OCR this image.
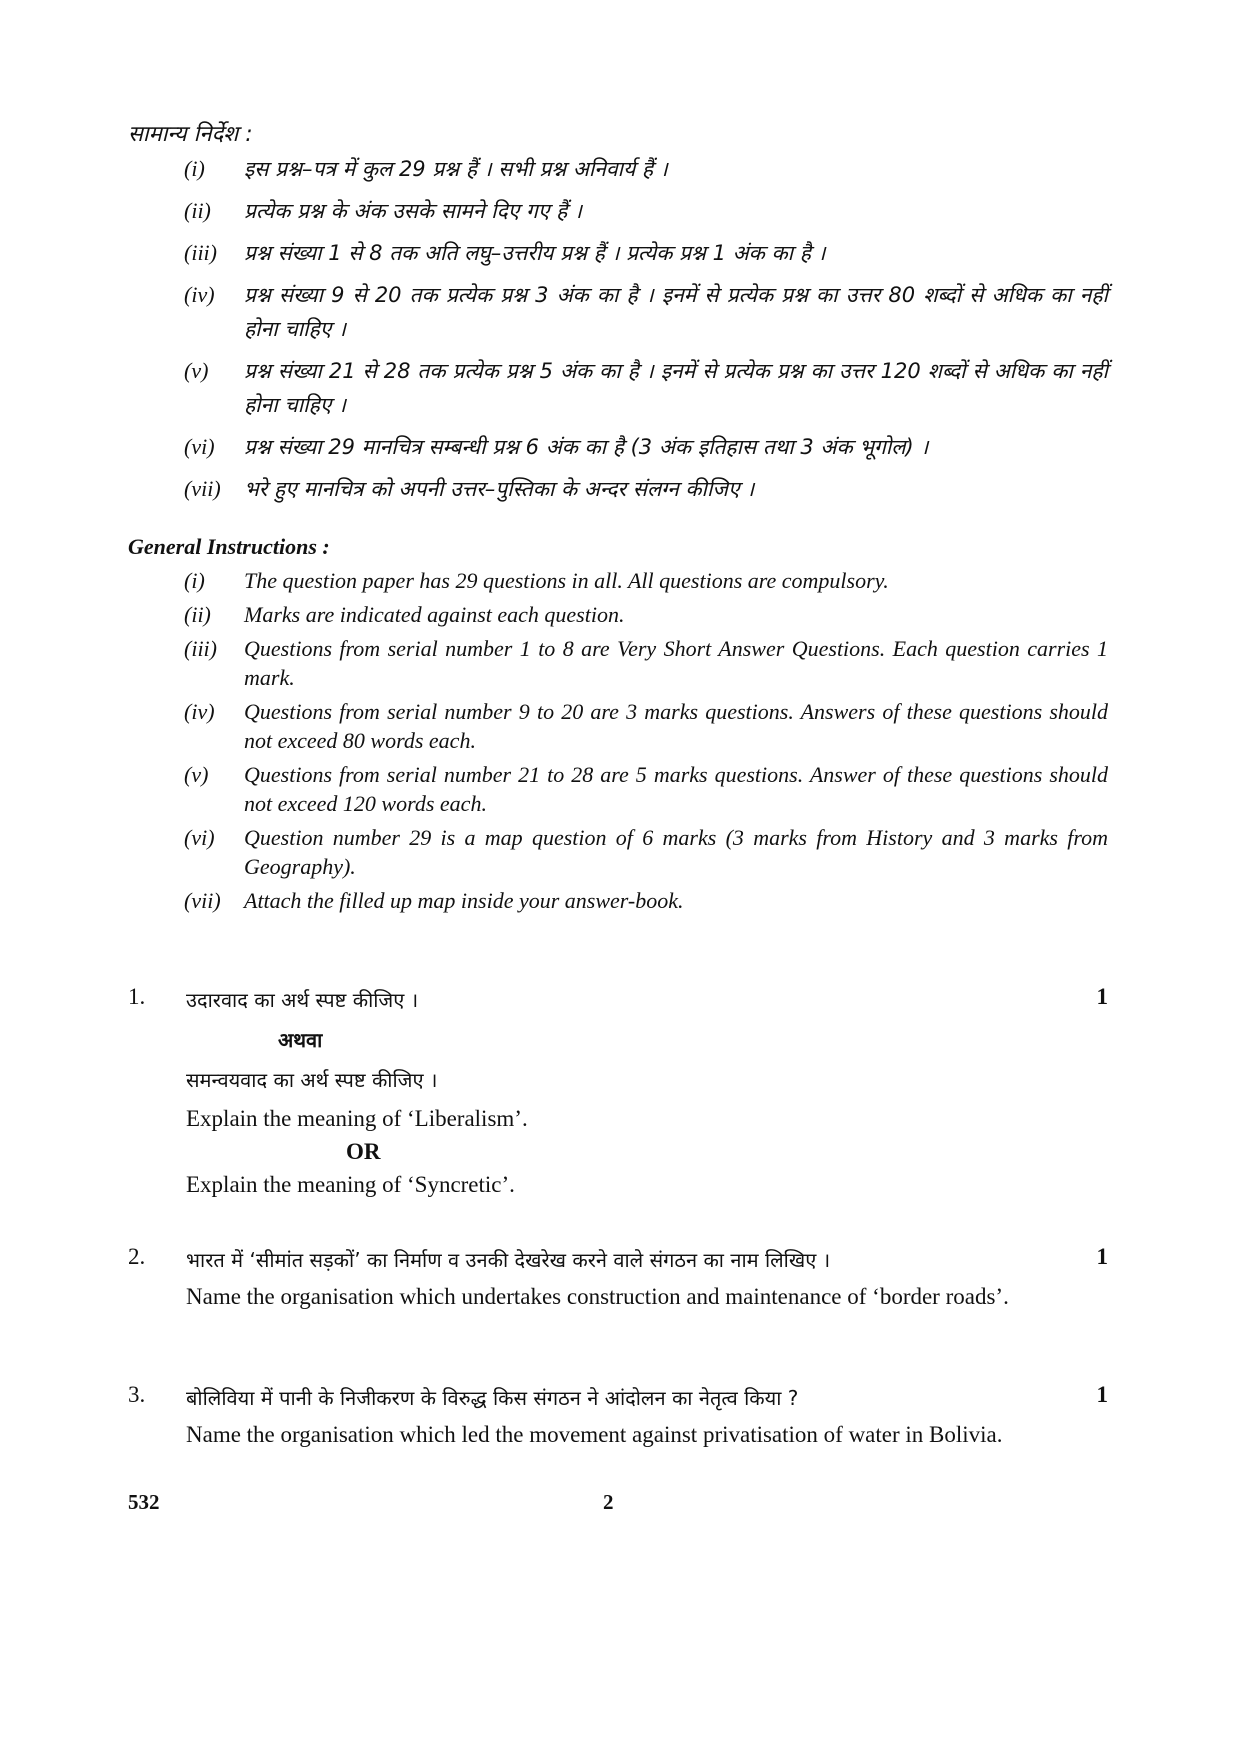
सामान्य निर्देश :
(i)	इस प्रश्न–पत्र में कुल 29 प्रश्न हैं । सभी प्रश्न अनिवार्य हैं ।
(ii)	प्रत्येक प्रश्न के अंक उसके सामने दिए गए हैं ।
(iii)	प्रश्न संख्या 1 से 8 तक अति लघु–उत्तरीय प्रश्न हैं । प्रत्येक प्रश्न 1 अंक का है ।
(iv)	प्रश्न संख्या 9 से 20 तक प्रत्येक प्रश्न 3 अंक का है । इनमें से प्रत्येक प्रश्न का उत्तर 80 शब्दों से अधिक का नहीं होना चाहिए ।
(v)	प्रश्न संख्या 21 से 28 तक प्रत्येक प्रश्न 5 अंक का है । इनमें से प्रत्येक प्रश्न का उत्तर 120 शब्दों से अधिक का नहीं होना चाहिए ।
(vi)	प्रश्न संख्या 29 मानचित्र सम्बन्धी प्रश्न 6 अंक का है (3 अंक इतिहास तथा 3 अंक भूगोल) ।
(vii)	भरे हुए मानचित्र को अपनी उत्तर–पुस्तिका के अन्दर संलग्न कीजिए ।
General Instructions :
(i)	The question paper has 29 questions in all. All questions are compulsory.
(ii)	Marks are indicated against each question.
(iii)	Questions from serial number 1 to 8 are Very Short Answer Questions. Each question carries 1 mark.
(iv)	Questions from serial number 9 to 20 are 3 marks questions. Answers of these questions should not exceed 80 words each.
(v)	Questions from serial number 21 to 28 are 5 marks questions. Answer of these questions should not exceed 120 words each.
(vi)	Question number 29 is a map question of 6 marks (3 marks from History and 3 marks from Geography).
(vii)	Attach the filled up map inside your answer-book.
1.	1
उदारवाद का अर्थ स्पष्ट कीजिए ।
अथवा
समन्वयवाद का अर्थ स्पष्ट कीजिए ।
Explain the meaning of ‘Liberalism’.
OR
Explain the meaning of ‘Syncretic’.
2.	1
भारत में ‘सीमांत सड़कों’ का निर्माण व उनकी देखरेख करने वाले संगठन का नाम लिखिए ।
Name the organisation which undertakes construction and maintenance of ‘border roads’.
3.	1
बोलिविया में पानी के निजीकरण के विरुद्ध किस संगठन ने आंदोलन का नेतृत्व किया ?
Name the organisation which led the movement against privatisation of water in Bolivia.
532	2
